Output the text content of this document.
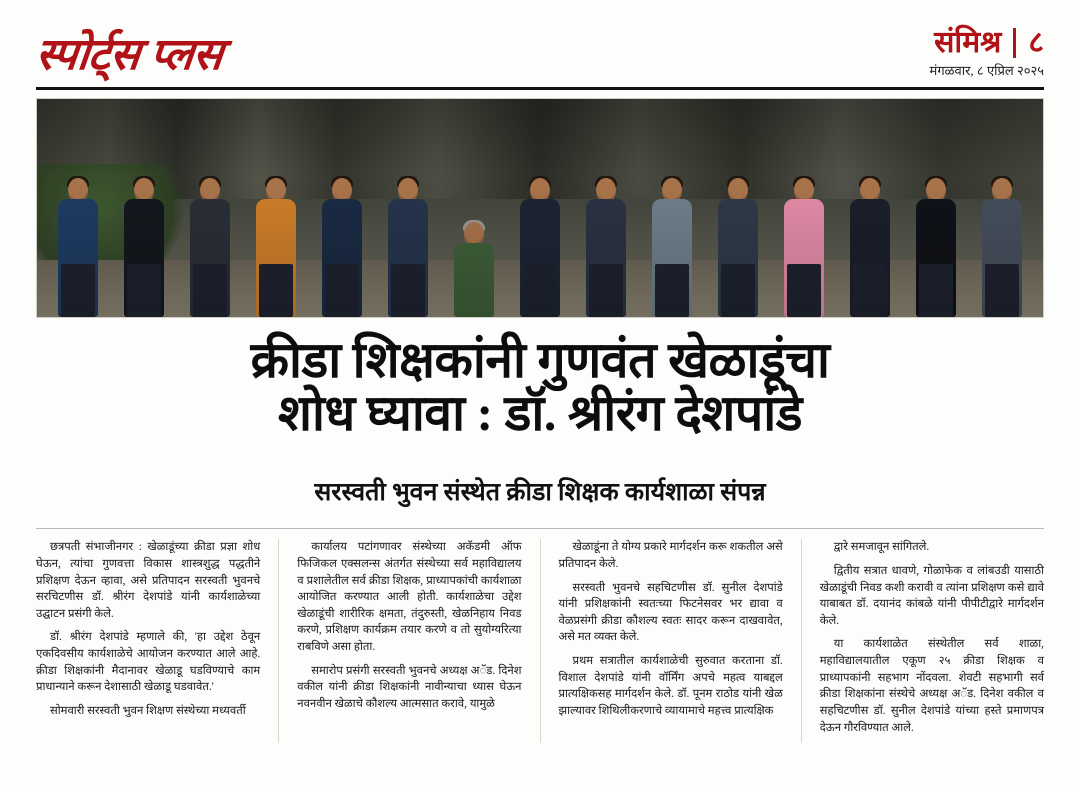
स्पोर्ट्स प्लस	संमिश्र ८
मंगळवार, ८ एप्रिल २०२५
क्रीडा शिक्षकांनी गुणवंत खेळाडूंचा
शोध घ्यावा : डॉ. श्रीरंग देशपांडे
सरस्वती भुवन संस्थेत क्रीडा शिक्षक कार्यशाळा संपन्न

छत्रपती संभाजीनगर : खेळाडूंच्या क्रीडा प्रज्ञा शोध घेऊन, त्यांचा गुणवत्ता विकास शास्त्रशुद्ध पद्धतीने प्रशिक्षण देऊन व्हावा, असे प्रतिपादन सरस्वती भुवनचे सरचिटणीस डॉ. श्रीरंग देशपांडे यांनी कार्यशाळेच्या उद्घाटन प्रसंगी केले.

डॉ. श्रीरंग देशपांडे म्हणाले की, 'हा उद्देश ठेवून एकदिवसीय कार्यशाळेचे आयोजन करण्यात आले आहे. क्रीडा शिक्षकांनी मैदानावर खेळाडू घडविण्याचे काम प्राधान्याने करून देशासाठी खेळाडू घडवावेत.'

सोमवारी सरस्वती भुवन शिक्षण संस्थेच्या मध्यवर्ती

कार्यालय पटांगणावर संस्थेच्या अकॅडमी ऑफ फिजिकल एक्सलन्स अंतर्गत संस्थेच्या सर्व महाविद्यालय व प्रशालेतील सर्व क्रीडा शिक्षक, प्राध्यापकांची कार्यशाळा आयोजित करण्यात आली होती. कार्यशाळेचा उद्देश खेळाडूंची शारीरिक क्षमता, तंदुरुस्ती, खेळनिहाय निवड करणे, प्रशिक्षण कार्यक्रम तयार करणे व तो सुयोग्यरित्या राबविणे असा होता.

समारोप प्रसंगी सरस्वती भुवनचे अध्यक्ष अॅड. दिनेश वकील यांनी क्रीडा शिक्षकांनी नावीन्याचा ध्यास घेऊन नवनवीन खेळाचे कौशल्य आत्मसात करावे, यामुळे

खेळाडूंना ते योग्य प्रकारे मार्गदर्शन करू शकतील असे प्रतिपादन केले.

सरस्वती भुवनचे सहचिटणीस डॉ. सुनील देशपांडे यांनी प्रशिक्षकांनी स्वतःच्या फिटनेसवर भर द्यावा व वेळप्रसंगी क्रीडा कौशल्य स्वतः सादर करून दाखवावेत, असे मत व्यक्त केले.

प्रथम सत्रातील कार्यशाळेची सुरुवात करताना डॉ. विशाल देशपांडे यांनी वॉर्मिंग अपचे महत्व याबद्दल प्रात्यक्षिकसह मार्गदर्शन केले. डॉ. पूनम राठोड यांनी खेळ झाल्यावर शिथिलीकरणाचे व्यायामाचे महत्त्व प्रात्यक्षिक

द्वारे समजावून सांगितले.

द्वितीय सत्रात धावणे, गोळाफेक व लांबउडी यासाठी खेळाडूंची निवड कशी करावी व त्यांना प्रशिक्षण कसे द्यावे याबाबत डॉ. दयानंद कांबळे यांनी पीपीटीद्वारे मार्गदर्शन केले.

या कार्यशाळेत संस्थेतील सर्व शाळा, महाविद्यालयातील एकूण २५ क्रीडा शिक्षक व प्राध्यापकांनी सहभाग नोंदवला. शेवटी सहभागी सर्व क्रीडा शिक्षकांना संस्थेचे अध्यक्ष अॅड. दिनेश वकील व सहचिटणीस डॉ. सुनील देशपांडे यांच्या हस्ते प्रमाणपत्र देऊन गौरविण्यात आले.
